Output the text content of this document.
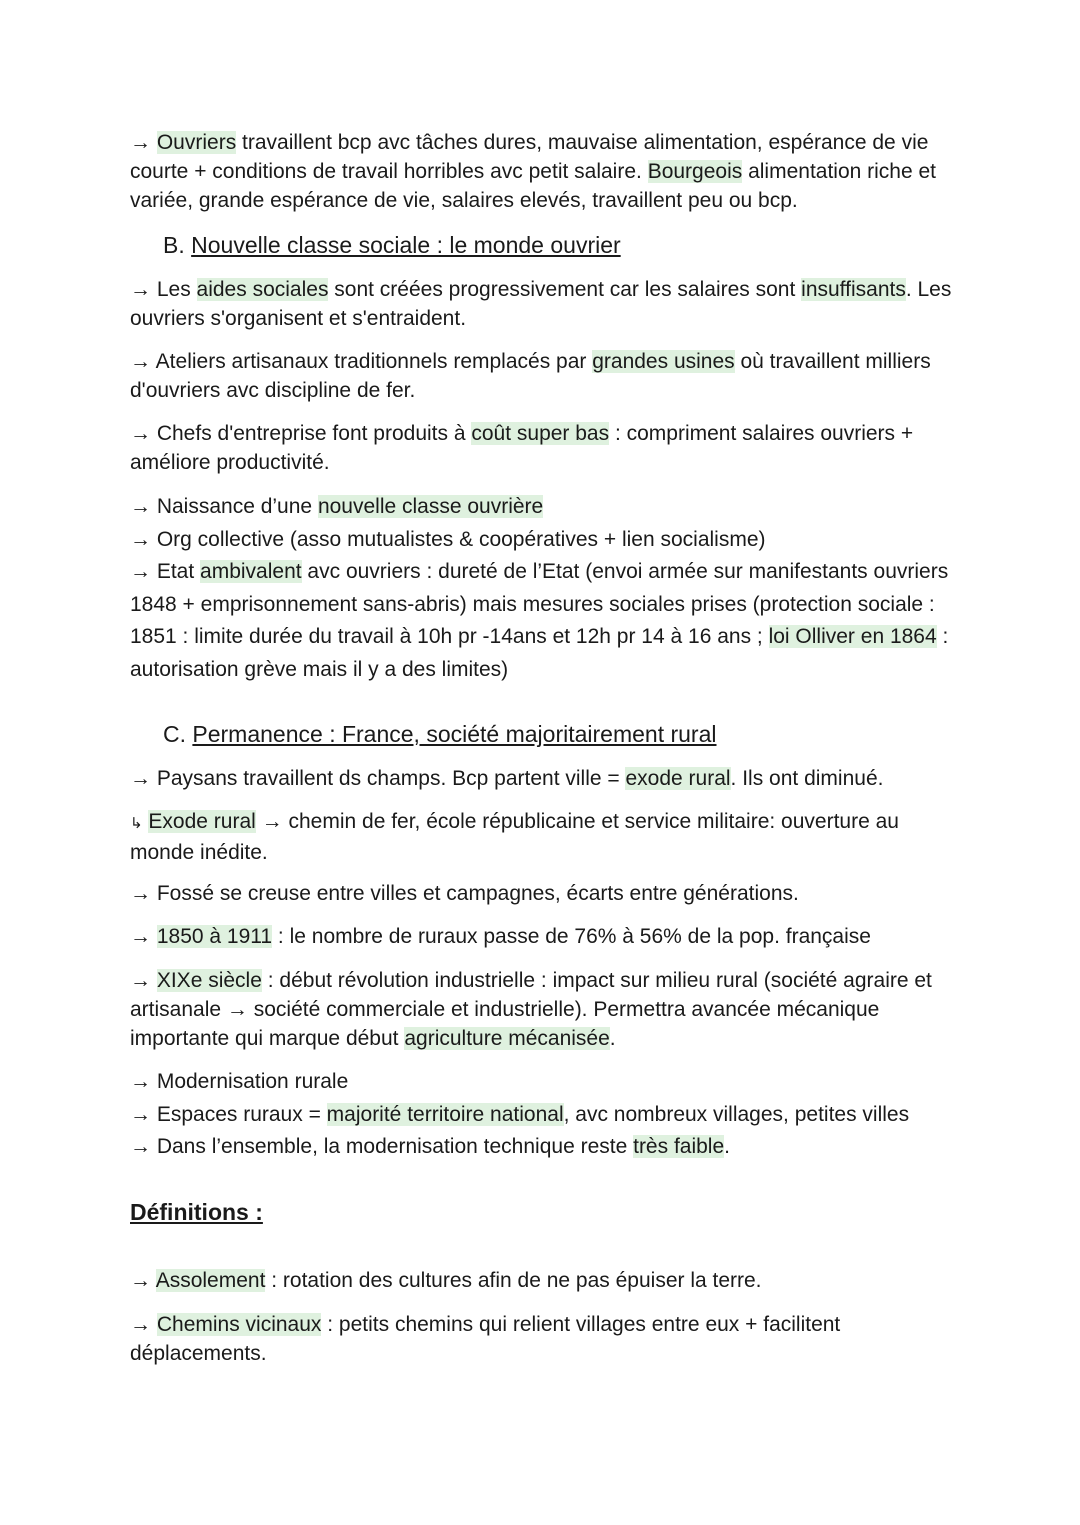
→ Ouvriers travaillent bcp avc tâches dures, mauvaise alimentation, espérance de vie courte + conditions de travail horribles avc petit salaire. Bourgeois alimentation riche et variée, grande espérance de vie, salaires elevés, travaillent peu ou bcp.

B. Nouvelle classe sociale : le monde ouvrier

→ Les aides sociales sont créées progressivement car les salaires sont insuffisants. Les ouvriers s'organisent et s'entraident.

→ Ateliers artisanaux traditionnels remplacés par grandes usines où travaillent milliers d'ouvriers avc discipline de fer.

→ Chefs d'entreprise font produits à coût super bas : compriment salaires ouvriers + améliore productivité.

→ Naissance d’une nouvelle classe ouvrière
→ Org collective (asso mutualistes & coopératives + lien socialisme)
→ Etat ambivalent avc ouvriers : dureté de l’Etat (envoi armée sur manifestants ouvriers 1848 + emprisonnement sans-abris) mais mesures sociales prises (protection sociale : 1851 : limite durée du travail à 10h pr -14ans et 12h pr 14 à 16 ans ; loi Olliver en 1864 : autorisation grève mais il y a des limites)
C. Permanence : France, société majoritairement rural

→ Paysans travaillent ds champs. Bcp partent ville = exode rural. Ils ont diminué.

↳ Exode rural → chemin de fer, école républicaine et service militaire: ouverture au monde inédite.

→ Fossé se creuse entre villes et campagnes, écarts entre générations.

→ 1850 à 1911 : le nombre de ruraux passe de 76% à 56% de la pop. française

→ XIXe siècle : début révolution industrielle : impact sur milieu rural (société agraire et artisanale → société commerciale et industrielle). Permettra avancée mécanique importante qui marque début agriculture mécanisée.

→ Modernisation rurale
→ Espaces ruraux = majorité territoire national, avc nombreux villages, petites villes
→ Dans l’ensemble, la modernisation technique reste très faible.
Définitions :

→ Assolement : rotation des cultures afin de ne pas épuiser la terre.

→ Chemins vicinaux : petits chemins qui relient villages entre eux + facilitent déplacements.
